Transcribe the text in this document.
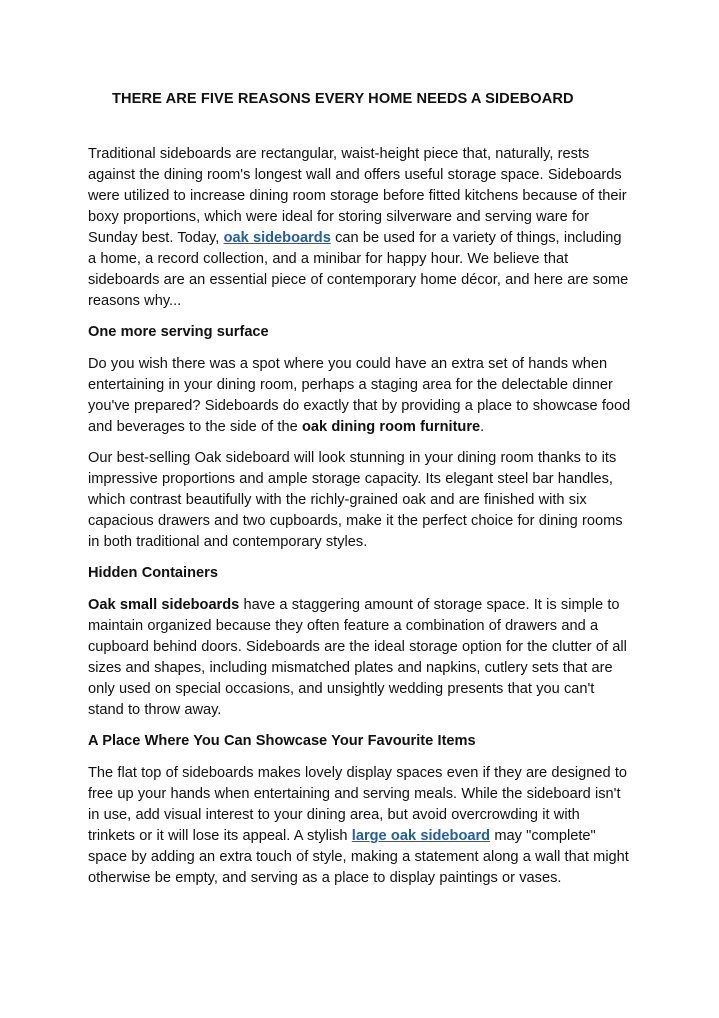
THERE ARE FIVE REASONS EVERY HOME NEEDS A SIDEBOARD

Traditional sideboards are rectangular, waist-height piece that, naturally, rests against the dining room's longest wall and offers useful storage space. Sideboards were utilized to increase dining room storage before fitted kitchens because of their boxy proportions, which were ideal for storing silverware and serving ware for Sunday best. Today, oak sideboards can be used for a variety of things, including a home, a record collection, and a minibar for happy hour. We believe that sideboards are an essential piece of contemporary home décor, and here are some reasons why...

One more serving surface

Do you wish there was a spot where you could have an extra set of hands when entertaining in your dining room, perhaps a staging area for the delectable dinner you've prepared? Sideboards do exactly that by providing a place to showcase food and beverages to the side of the oak dining room furniture.

Our best-selling Oak sideboard will look stunning in your dining room thanks to its impressive proportions and ample storage capacity. Its elegant steel bar handles, which contrast beautifully with the richly-grained oak and are finished with six capacious drawers and two cupboards, make it the perfect choice for dining rooms in both traditional and contemporary styles.

Hidden Containers

Oak small sideboards have a staggering amount of storage space. It is simple to maintain organized because they often feature a combination of drawers and a cupboard behind doors. Sideboards are the ideal storage option for the clutter of all sizes and shapes, including mismatched plates and napkins, cutlery sets that are only used on special occasions, and unsightly wedding presents that you can't stand to throw away.

A Place Where You Can Showcase Your Favourite Items

The flat top of sideboards makes lovely display spaces even if they are designed to free up your hands when entertaining and serving meals. While the sideboard isn't in use, add visual interest to your dining area, but avoid overcrowding it with trinkets or it will lose its appeal. A stylish large oak sideboard may "complete" space by adding an extra touch of style, making a statement along a wall that might otherwise be empty, and serving as a place to display paintings or vases.
